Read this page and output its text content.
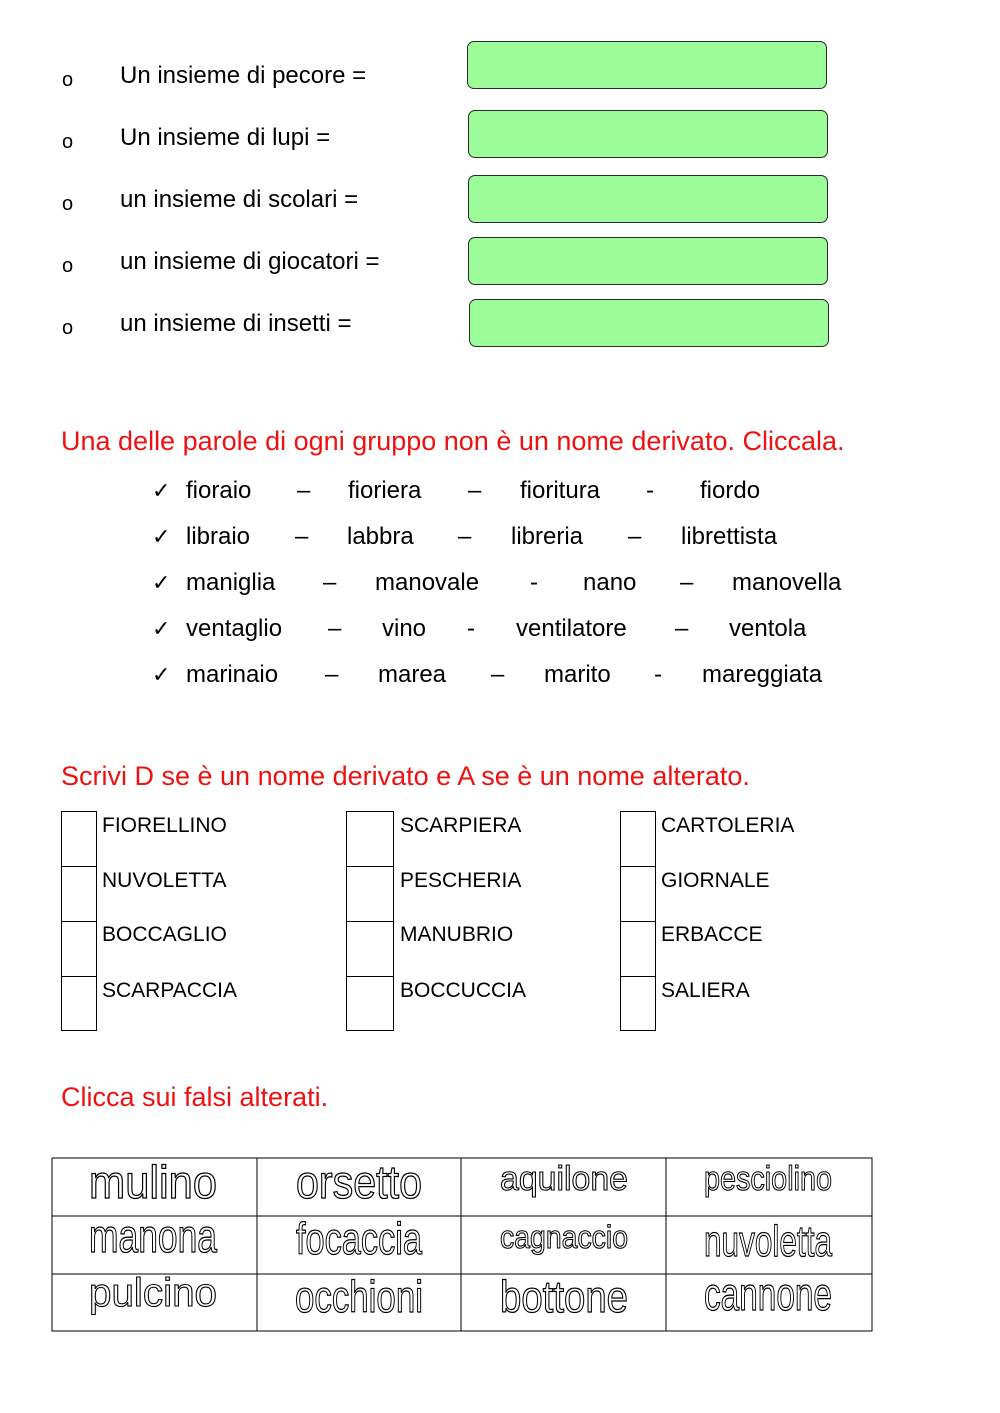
o Un insieme di pecore =
o Un insieme di lupi =
o un insieme di scolari =
o un insieme di giocatori =
o un insieme di insetti =
Una delle parole di ogni gruppo non è un nome derivato. Cliccala.
✓ fioraio – fioriera – fioritura - fiordo
✓ libraio – labbra – libreria – librettista
✓ maniglia – manovale - nano – manovella
✓ ventaglio – vino - ventilatore – ventola
✓ marinaio – marea – marito - mareggiata
Scrivi D se è un nome derivato e A se è un nome alterato.
FIORELLINO
NUVOLETTA
BOCCAGLIO
SCARPACCIA
SCARPIERA
PESCHERIA
MANUBRIO
BOCCUCCIA
CARTOLERIA
GIORNALE
ERBACCE
SALIERA
Clicca sui falsi alterati.
mulino orsetto aquilone pesciolino
manona focaccia cagnaccio nuvoletta
pulcino occhioni bottone cannone
